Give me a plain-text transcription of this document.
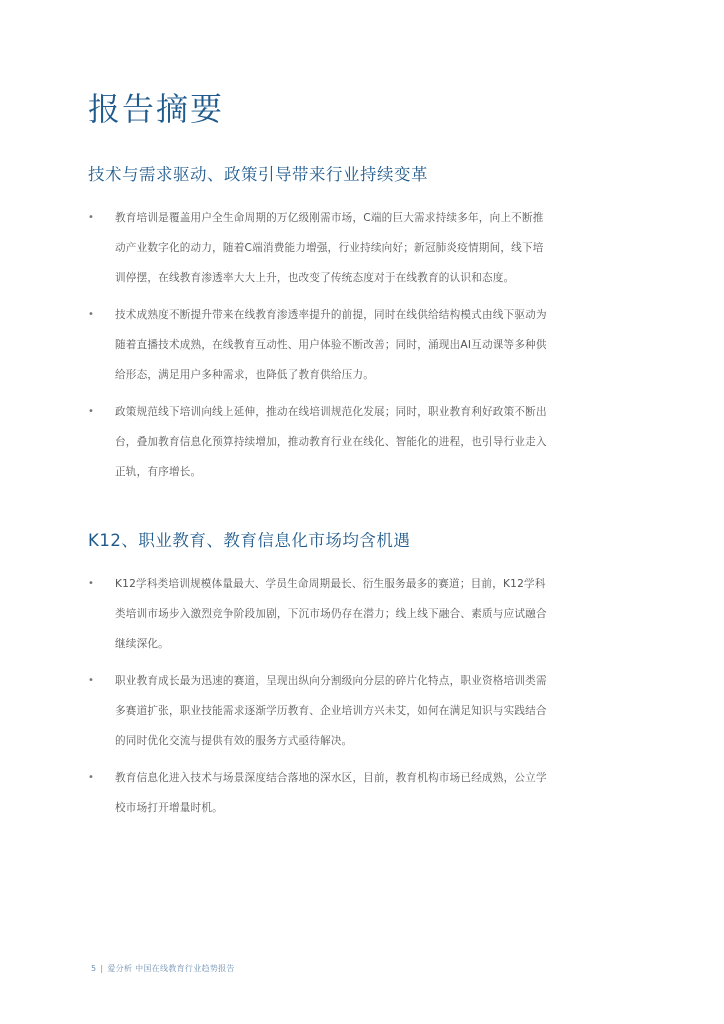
报告摘要
技术与需求驱动、政策引导带来行业持续变革
• 教育培训是覆盖用户全生命周期的万亿级刚需市场，C端的巨大需求持续多年，向上不断推动产业数字化的动力，随着C端消费能力增强，行业持续向好；新冠肺炎疫情期间，线下培训停摆，在线教育渗透率大大上升，也改变了传统态度对于在线教育的认识和态度。
• 技术成熟度不断提升带来在线教育渗透率提升的前提，同时在线供给结构模式由线下驱动为随着直播技术成熟，在线教育互动性、用户体验不断改善；同时，涌现出AI互动课等多种供给形态，满足用户多种需求，也降低了教育供给压力。
• 政策规范线下培训向线上延伸，推动在线培训规范化发展；同时，职业教育利好政策不断出台，叠加教育信息化预算持续增加，推动教育行业在线化、智能化的进程，也引导行业走入正轨，有序增长。
K12、职业教育、教育信息化市场均含机遇
• K12学科类培训规模体量最大、学员生命周期最长、衍生服务最多的赛道；目前，K12学科类培训市场步入激烈竞争阶段加剧，下沉市场仍存在潜力；线上线下融合、素质与应试融合继续深化。
• 职业教育成长最为迅速的赛道，呈现出纵向分割级向分层的碎片化特点，职业资格培训类需多赛道扩张，职业技能需求逐渐学历教育、企业培训方兴未艾，如何在满足知识与实践结合的同时优化交流与提供有效的服务方式亟待解决。
• 教育信息化进入技术与场景深度结合落地的深水区，目前，教育机构市场已经成熟，公立学校市场打开增量时机。
5 | 爱分析 中国在线教育行业趋势报告
